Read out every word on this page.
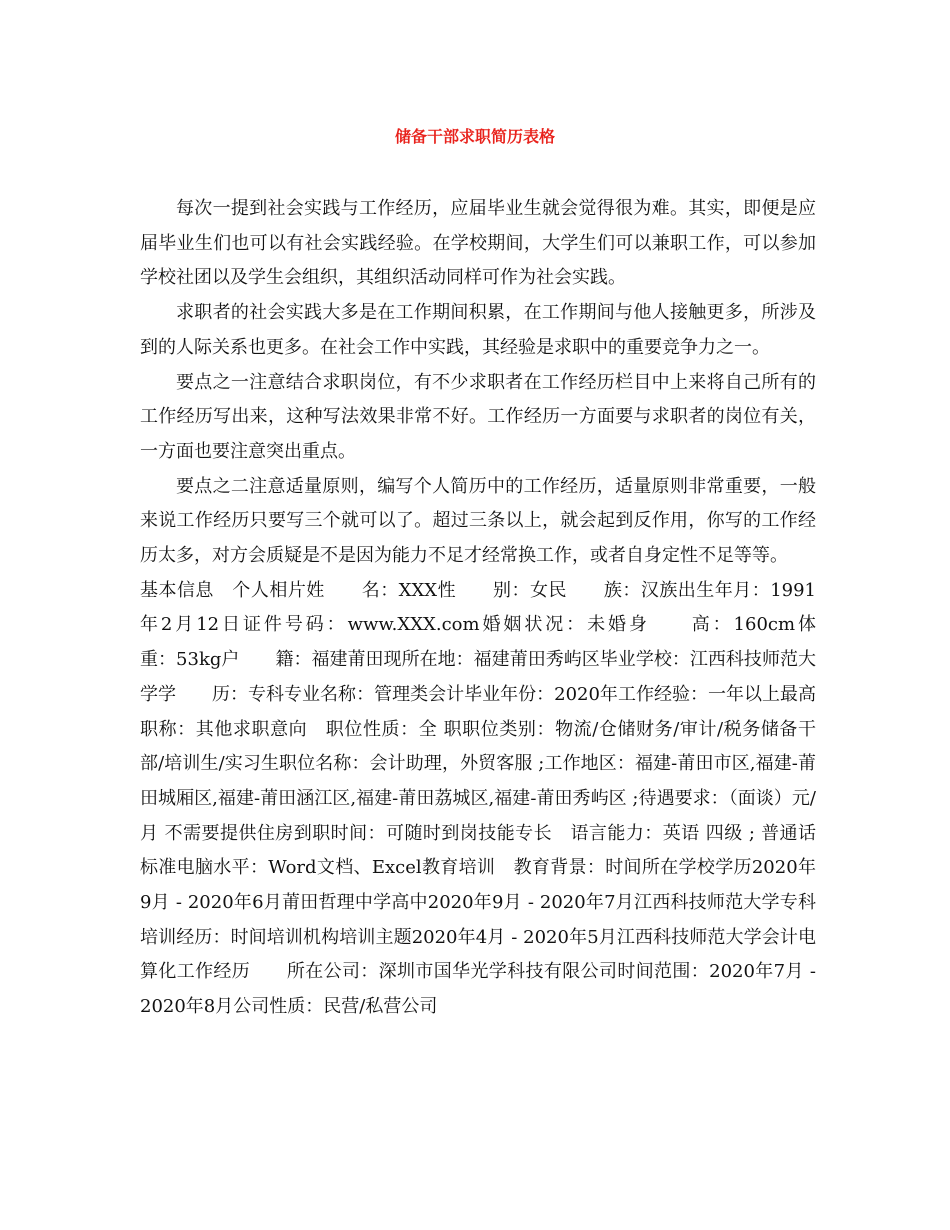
储备干部求职简历表格

每次一提到社会实践与工作经历，应届毕业生就会觉得很为难。其实，即便是应届毕业生们也可以有社会实践经验。在学校期间，大学生们可以兼职工作，可以参加学校社团以及学生会组织，其组织活动同样可作为社会实践。

求职者的社会实践大多是在工作期间积累，在工作期间与他人接触更多，所涉及到的人际关系也更多。在社会工作中实践，其经验是求职中的重要竞争力之一。

要点之一注意结合求职岗位，有不少求职者在工作经历栏目中上来将自己所有的工作经历写出来，这种写法效果非常不好。工作经历一方面要与求职者的岗位有关，一方面也要注意突出重点。

要点之二注意适量原则，编写个人简历中的工作经历，适量原则非常重要，一般来说工作经历只要写三个就可以了。超过三条以上，就会起到反作用，你写的工作经历太多，对方会质疑是不是因为能力不足才经常换工作，或者自身定性不足等等。

基本信息　个人相片姓　　名：XXX性　　别：女民　　族：汉族出生年月：1991年2月12日证件号码：www.XXX.com婚姻状况：未婚身　　高：160cm体　　重：53kg户　　籍：福建莆田现所在地：福建莆田秀屿区毕业学校：江西科技师范大学学　　历：专科专业名称：管理类会计毕业年份：2020年工作经验：一年以上最高职称：其他求职意向　职位性质：全 职职位类别：物流/仓储财务/审计/税务储备干部/培训生/实习生职位名称：会计助理，外贸客服 ;工作地区：福建-莆田市区,福建-莆田城厢区,福建-莆田涵江区,福建-莆田荔城区,福建-莆田秀屿区 ;待遇要求：（面谈）元/月 不需要提供住房到职时间：可随时到岗技能专长　语言能力：英语 四级 ; 普通话 标准电脑水平：Word文档、Excel教育培训　教育背景：时间所在学校学历2020年9月 - 2020年6月莆田哲理中学高中2020年9月 - 2020年7月江西科技师范大学专科培训经历：时间培训机构培训主题2020年4月 - 2020年5月江西科技师范大学会计电算化工作经历　　所在公司：深圳市国华光学科技有限公司时间范围：2020年7月 - 2020年8月公司性质：民营/私营公司
